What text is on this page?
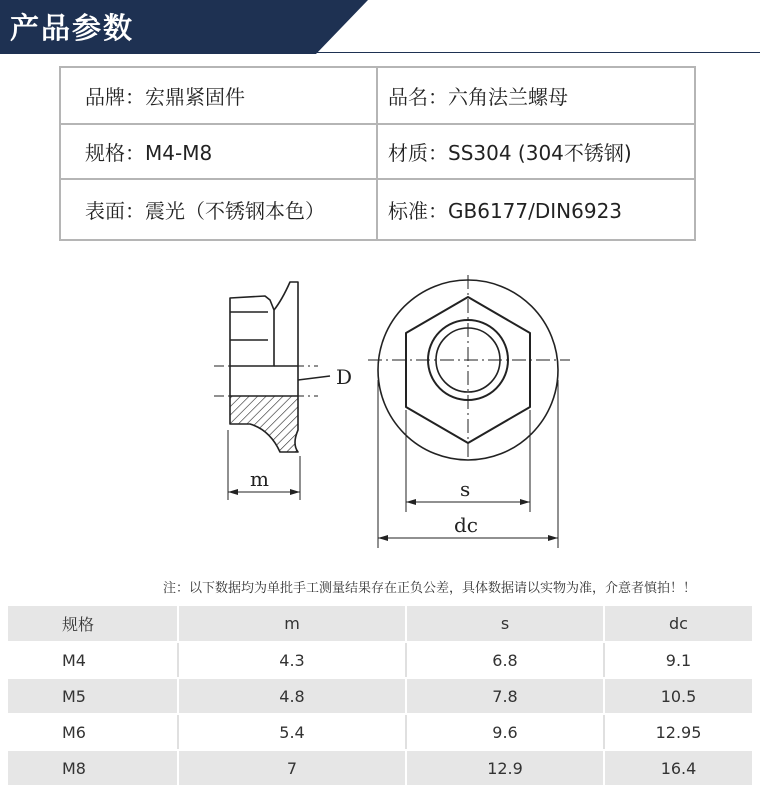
产品参数
品牌：宏鼎紧固件	品名：六角法兰螺母
规格：M4-M8	材质：SS304 (304不锈钢)
表面：震光（不锈钢本色）	标准：GB6177/DIN6923
D
m	s
dc
注：以下数据均为单批手工测量结果存在正负公差，具体数据请以实物为准，介意者慎拍！！
规格	m	s	dc
M4	4.3	6.8	9.1
M5	4.8	7.8	10.5
M6	5.4	9.6	12.95
M8	7	12.9	16.4
